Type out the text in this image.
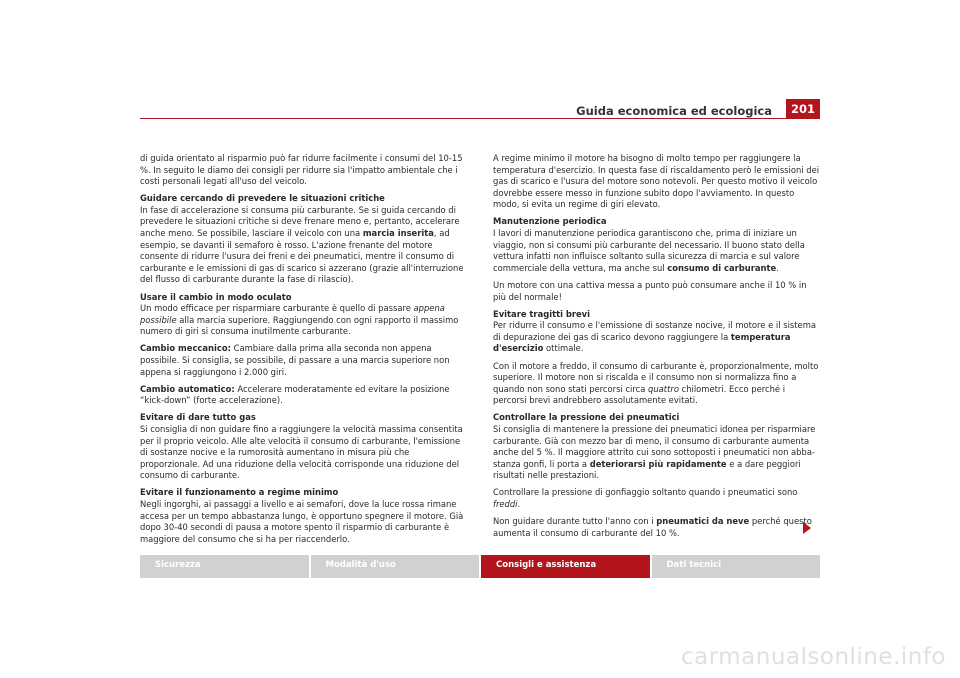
Guida economica ed ecologica	201

di guida orientato al risparmio può far ridurre facilmente i consumi del 10-15 %. In seguito le diamo dei consigli per ridurre sia l'impatto ambientale che i costi personali legati all'uso del veicolo.

Guidare cercando di prevedere le situazioni critiche

In fase di accelerazione si consuma più carburante. Se si guida cercando di prevedere le situazioni critiche si deve frenare meno e, pertanto, accelerare anche meno. Se possibile, lasciare il veicolo con una marcia inserita, ad esempio, se davanti il semaforo è rosso. L'azione frenante del motore consente di ridurre l'usura dei freni e dei pneumatici, mentre il consumo di carburante e le emissioni di gas di scarico si azzerano (grazie all'interruzione del flusso di carburante durante la fase di rilascio).

Usare il cambio in modo oculato

Un modo efficace per risparmiare carburante è quello di passare appena possibile alla marcia superiore. Raggiungendo con ogni rapporto il massimo numero di giri si consuma inutilmente carburante.

Cambio meccanico: Cambiare dalla prima alla seconda non appena possibile. Si consiglia, se possibile, di passare a una marcia superiore non appena si raggiungono i 2.000 giri.

Cambio automatico: Accelerare moderatamente ed evitare la posizione “kick-down” (forte accelerazione).

Evitare di dare tutto gas

Si consiglia di non guidare fino a raggiungere la velocità massima consentita per il proprio veicolo. Alle alte velocità il consumo di carburante, l'emissione di sostanze nocive e la rumorosità aumentano in misura più che proporzionale. Ad una riduzione della velocità corrisponde una riduzione del consumo di carburante.

Evitare il funzionamento a regime minimo

Negli ingorghi, ai passaggi a livello e ai semafori, dove la luce rossa rimane accesa per un tempo abbastanza lungo, è opportuno spegnere il motore. Già dopo 30-40 secondi di pausa a motore spento il risparmio di carburante è maggiore del consumo che si ha per riaccenderlo.

A regime minimo il motore ha bisogno di molto tempo per raggiungere la temperatura d'esercizio. In questa fase di riscaldamento però le emissioni dei gas di scarico e l'usura del motore sono notevoli. Per questo motivo il veicolo dovrebbe essere messo in funzione subito dopo l'avviamento. In questo modo, si evita un regime di giri elevato.

Manutenzione periodica

I lavori di manutenzione periodica garantiscono che, prima di iniziare un viaggio, non si consumi più carburante del necessario. Il buono stato della vettura infatti non influisce soltanto sulla sicurezza di marcia e sul valore commerciale della vettura, ma anche sul consumo di carburante.

Un motore con una cattiva messa a punto può consumare anche il 10 % in più del normale!

Evitare tragitti brevi

Per ridurre il consumo e l'emissione di sostanze nocive, il motore e il sistema di depurazione dei gas di scarico devono raggiungere la temperatura d'esercizio ottimale.

Con il motore a freddo, il consumo di carburante è, proporzionalmente, molto superiore. Il motore non si riscalda e il consumo non si normalizza fino a quando non sono stati percorsi circa quattro chilometri. Ecco perché i percorsi brevi andrebbero assolutamente evitati.

Controllare la pressione dei pneumatici

Si consiglia di mantenere la pressione dei pneumatici idonea per risparmiare carburante. Già con mezzo bar di meno, il consumo di carburante aumenta anche del 5 %. Il maggiore attrito cui sono sottoposti i pneumatici non abba-stanza gonfi, li porta a deteriorarsi più rapidamente e a dare peggiori risultati nelle prestazioni.

Controllare la pressione di gonfiaggio soltanto quando i pneumatici sono freddi.

Non guidare durante tutto l'anno con i pneumatici da neve perché questo aumenta il consumo di carburante del 10 %.

Sicurezza	Modalità d'uso	Consigli e assistenza	Dati tecnici
carmanualsonline.info
